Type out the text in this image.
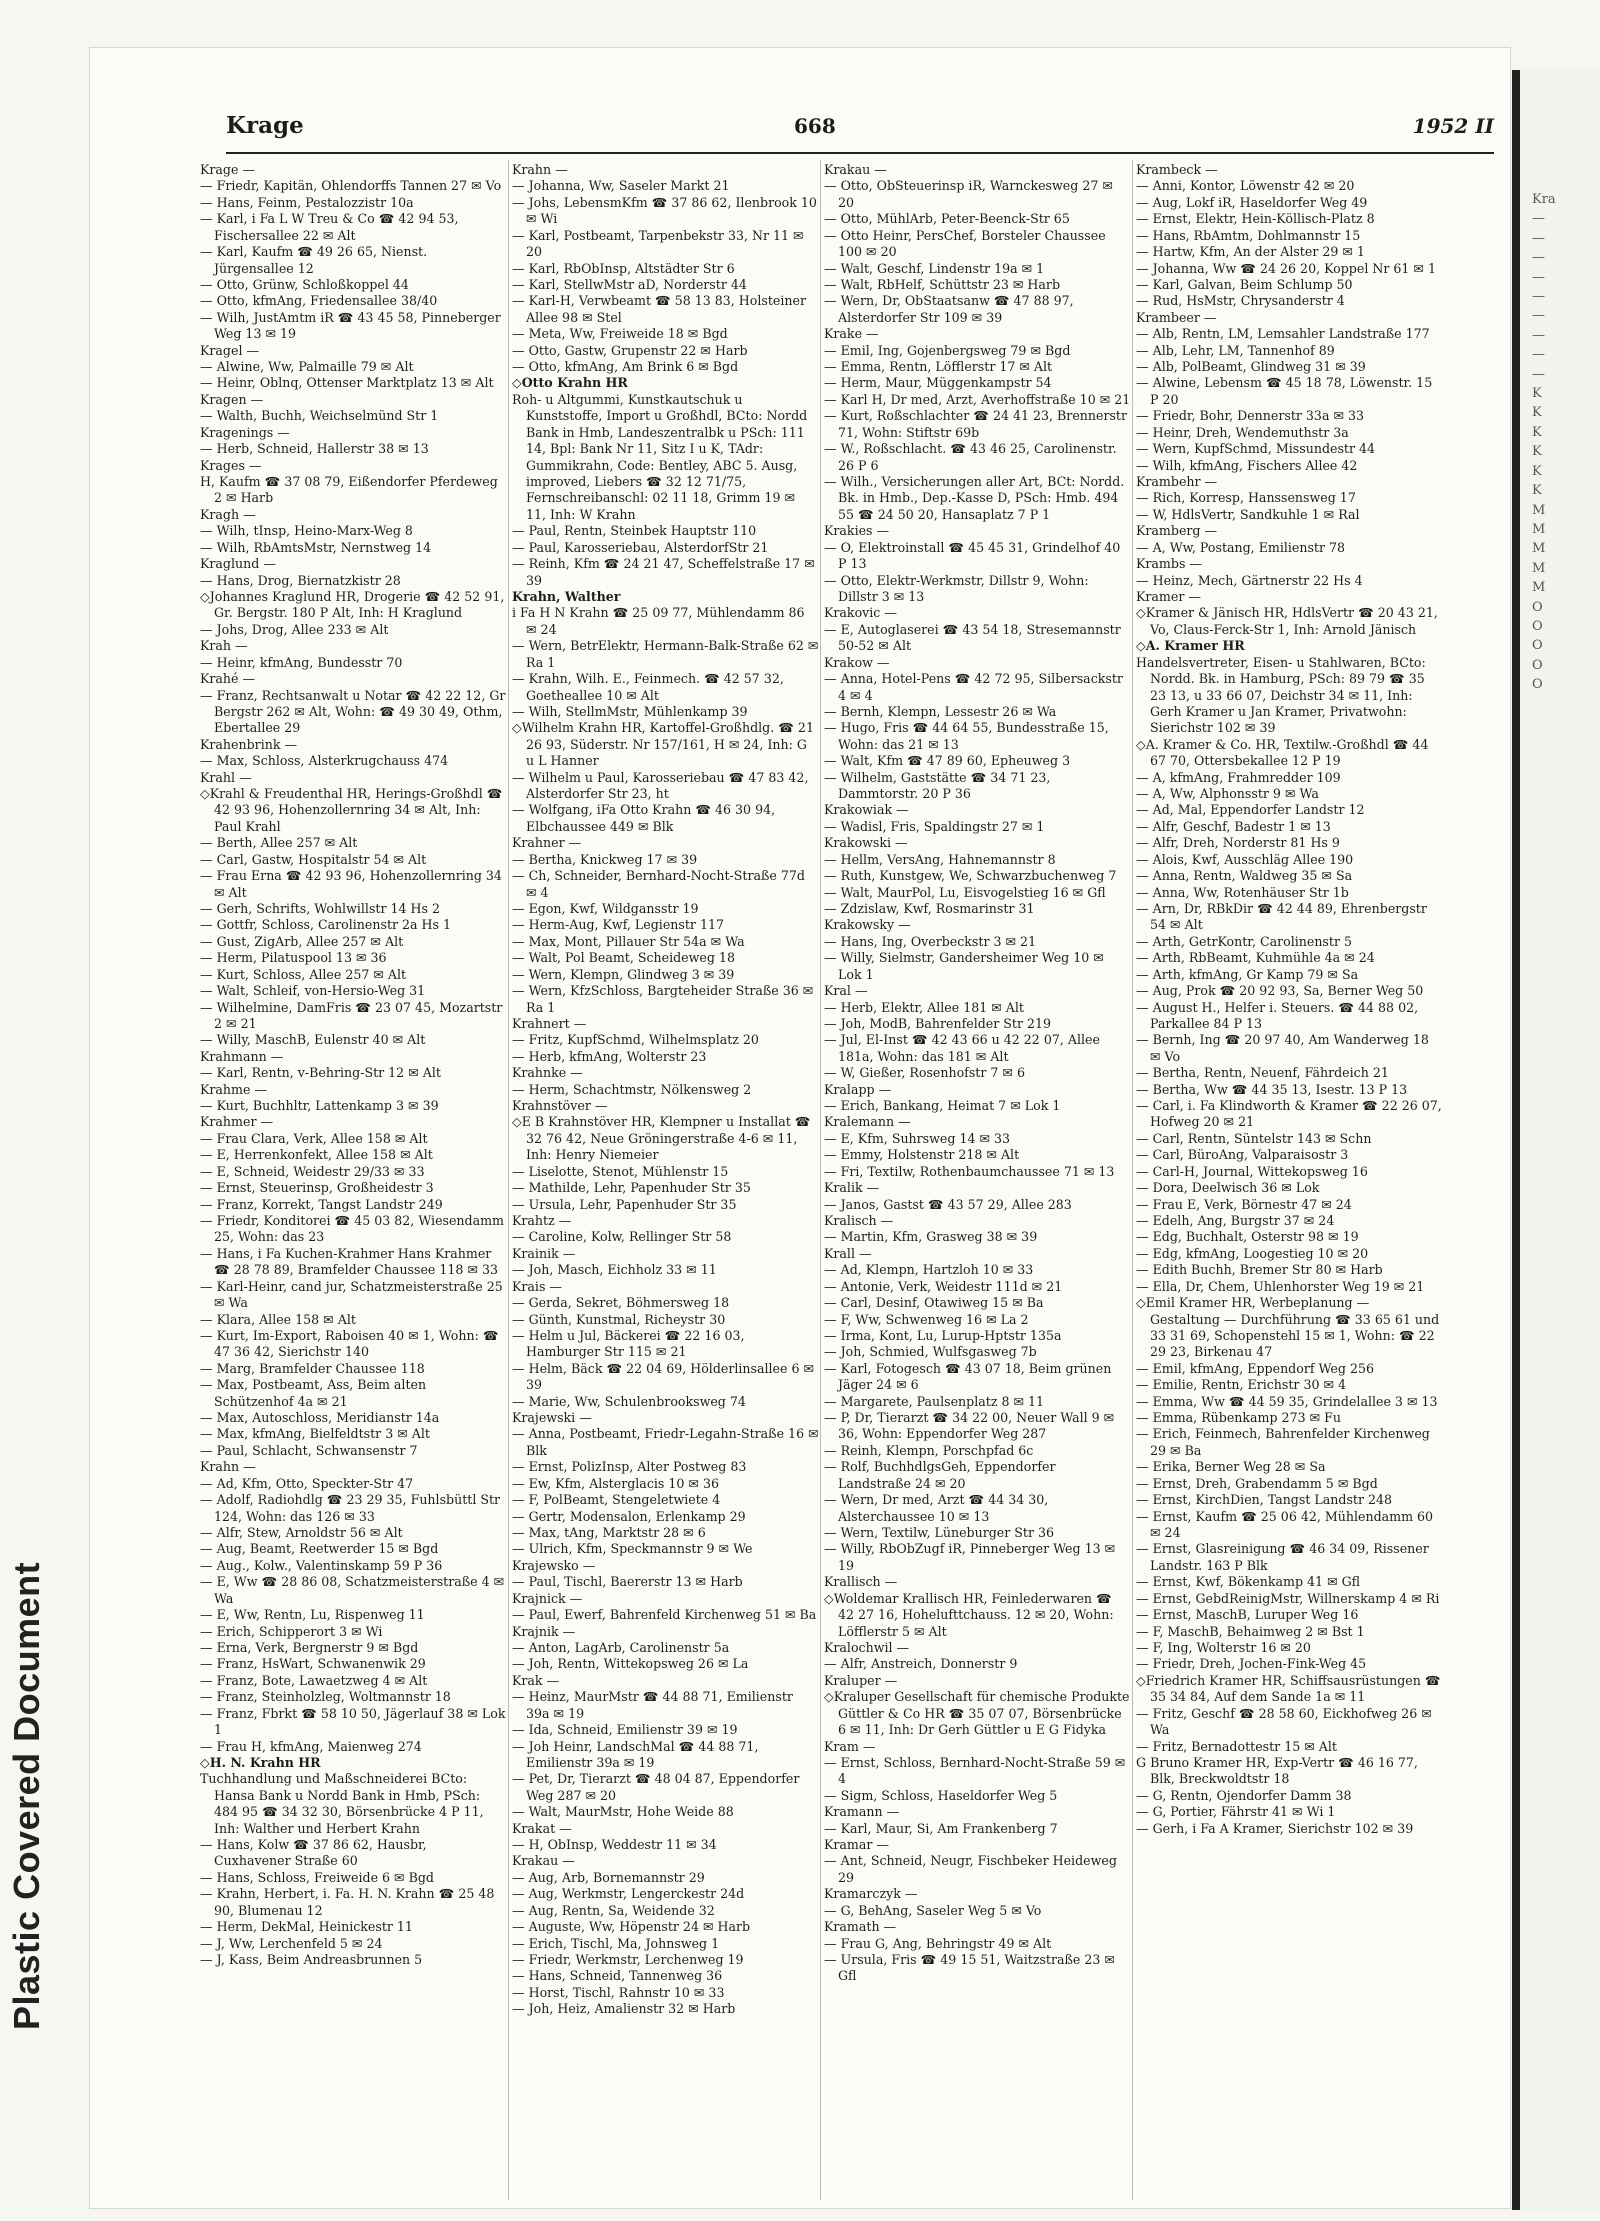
Plastic Covered Document
Kra
—
—
—
—
—
—
—
—
—
K
K
K
K
K
K
M
M
M
M
M
O
O
O
O
O
Krage	668	1952 II

Krage —

— Friedr, Kapitän, Ohlendorffs Tannen 27 ✉ Vo

— Hans, Feinm, Pestalozzistr 10a

— Karl, i Fa L W Treu & Co ☎ 42 94 53, Fischersallee 22 ✉ Alt

— Karl, Kaufm ☎ 49 26 65, Nienst. Jürgensallee 12

— Otto, Grünw, Schloßkoppel 44

— Otto, kfmAng, Friedensallee 38/40

— Wilh, JustAmtm iR ☎ 43 45 58, Pinneberger Weg 13 ✉ 19

Kragel —

— Alwine, Ww, Palmaille 79 ✉ Alt

— Heinr, Oblnq, Ottenser Marktplatz 13 ✉ Alt

Kragen —

— Walth, Buchh, Weichselmünd Str 1

Kragenings —

— Herb, Schneid, Hallerstr 38 ✉ 13

Krages —

H, Kaufm ☎ 37 08 79, Eißendorfer Pferdeweg 2 ✉ Harb

Kragh —

— Wilh, tInsp, Heino-Marx-Weg 8

— Wilh, RbAmtsMstr, Nernstweg 14

Kraglund —

— Hans, Drog, Biernatzkistr 28

◇ Johannes Kraglund HR, Drogerie ☎ 42 52 91, Gr. Bergstr. 180 P Alt, Inh: H Kraglund

— Johs, Drog, Allee 233 ✉ Alt

Krah —

— Heinr, kfmAng, Bundesstr 70

Krahé —

— Franz, Rechtsanwalt u Notar ☎ 42 22 12, Gr Bergstr 262 ✉ Alt, Wohn: ☎ 49 30 49, Othm, Ebertallee 29

Krahenbrink —

— Max, Schloss, Alsterkrugchauss 474

Krahl —

◇ Krahl & Freudenthal HR, Herings-Großhdl ☎ 42 93 96, Hohenzollernring 34 ✉ Alt, Inh: Paul Krahl

— Berth, Allee 257 ✉ Alt

— Carl, Gastw, Hospitalstr 54 ✉ Alt

— Frau Erna ☎ 42 93 96, Hohenzollernring 34 ✉ Alt

— Gerh, Schrifts, Wohlwillstr 14 Hs 2

— Gottfr, Schloss, Carolinenstr 2a Hs 1

— Gust, ZigArb, Allee 257 ✉ Alt

— Herm, Pilatuspool 13 ✉ 36

— Kurt, Schloss, Allee 257 ✉ Alt

— Walt, Schleif, von-Hersio-Weg 31

— Wilhelmine, DamFris ☎ 23 07 45, Mozartstr 2 ✉ 21

— Willy, MaschB, Eulenstr 40 ✉ Alt

Krahmann —

— Karl, Rentn, v-Behring-Str 12 ✉ Alt

Krahme —

— Kurt, Buchhltr, Lattenkamp 3 ✉ 39

Krahmer —

— Frau Clara, Verk, Allee 158 ✉ Alt

— E, Herrenkonfekt, Allee 158 ✉ Alt

— E, Schneid, Weidestr 29/33 ✉ 33

— Ernst, Steuerinsp, Großheidestr 3

— Franz, Korrekt, Tangst Landstr 249

— Friedr, Konditorei ☎ 45 03 82, Wiesendamm 25, Wohn: das 23

— Hans, i Fa Kuchen-Krahmer Hans Krahmer ☎ 28 78 89, Bramfelder Chaussee 118 ✉ 33

— Karl-Heinr, cand jur, Schatzmeisterstraße 25 ✉ Wa

— Klara, Allee 158 ✉ Alt

— Kurt, Im-Export, Raboisen 40 ✉ 1, Wohn: ☎ 47 36 42, Sierichstr 140

— Marg, Bramfelder Chaussee 118

— Max, Postbeamt, Ass, Beim alten Schützenhof 4a ✉ 21

— Max, Autoschloss, Meridianstr 14a

— Max, kfmAng, Bielfeldtstr 3 ✉ Alt

— Paul, Schlacht, Schwansenstr 7

Krahn —

— Ad, Kfm, Otto, Speckter-Str 47

— Adolf, Radiohdlg ☎ 23 29 35, Fuhlsbüttl Str 124, Wohn: das 126 ✉ 33

— Alfr, Stew, Arnoldstr 56 ✉ Alt

— Aug, Beamt, Reetwerder 15 ✉ Bgd

— Aug., Kolw., Valentinskamp 59 P 36

— E, Ww ☎ 28 86 08, Schatzmeisterstraße 4 ✉ Wa

— E, Ww, Rentn, Lu, Rispenweg 11

— Erich, Schipperort 3 ✉ Wi

— Erna, Verk, Bergnerstr 9 ✉ Bgd

— Franz, HsWart, Schwanenwik 29

— Franz, Bote, Lawaetzweg 4 ✉ Alt

— Franz, Steinholzleg, Woltmannstr 18

— Franz, Fbrkt ☎ 58 10 50, Jägerlauf 38 ✉ Lok 1

— Frau H, kfmAng, Maienweg 274

◇ H. N. Krahn HR

Tuchhandlung und Maßschneiderei BCto: Hansa Bank u Nordd Bank in Hmb, PSch: 484 95 ☎ 34 32 30, Börsenbrücke 4 P 11, Inh: Walther und Herbert Krahn

— Hans, Kolw ☎ 37 86 62, Hausbr, Cuxhavener Straße 60

— Hans, Schloss, Freiweide 6 ✉ Bgd

— Krahn, Herbert, i. Fa. H. N. Krahn ☎ 25 48 90, Blumenau 12

— Herm, DekMal, Heinickestr 11

— J, Ww, Lerchenfeld 5 ✉ 24

— J, Kass, Beim Andreasbrunnen 5

Krahn —

— Johanna, Ww, Saseler Markt 21

— Johs, LebensmKfm ☎ 37 86 62, Ilenbrook 10 ✉ Wi

— Karl, Postbeamt, Tarpenbekstr 33, Nr 11 ✉ 20

— Karl, RbObInsp, Altstädter Str 6

— Karl, StellwMstr aD, Norderstr 44

— Karl-H, Verwbeamt ☎ 58 13 83, Holsteiner Allee 98 ✉ Stel

— Meta, Ww, Freiweide 18 ✉ Bgd

— Otto, Gastw, Grupenstr 22 ✉ Harb

— Otto, kfmAng, Am Brink 6 ✉ Bgd

◇ Otto Krahn HR

Roh- u Altgummi, Kunstkautschuk u Kunststoffe, Import u Großhdl, BCto: Nordd Bank in Hmb, Landeszentralbk u PSch: 111 14, Bpl: Bank Nr 11, Sitz I u K, TAdr: Gummikrahn, Code: Bentley, ABC 5. Ausg, improved, Liebers ☎ 32 12 71/75, Fernschreibanschl: 02 11 18, Grimm 19 ✉ 11, Inh: W Krahn

— Paul, Rentn, Steinbek Hauptstr 110

— Paul, Karosseriebau, AlsterdorfStr 21

— Reinh, Kfm ☎ 24 21 47, Scheffelstraße 17 ✉ 39

Krahn, Walther

i Fa H N Krahn ☎ 25 09 77, Mühlendamm 86 ✉ 24

— Wern, BetrElektr, Hermann-Balk-Straße 62 ✉ Ra 1

— Krahn, Wilh. E., Feinmech. ☎ 42 57 32, Goetheallee 10 ✉ Alt

— Wilh, StellmMstr, Mühlenkamp 39

◇ Wilhelm Krahn HR, Kartoffel-Großhdlg. ☎ 21 26 93, Süderstr. Nr 157/161, H ✉ 24, Inh: G u L Hanner

— Wilhelm u Paul, Karosseriebau ☎ 47 83 42, Alsterdorfer Str 23, ht

— Wolfgang, iFa Otto Krahn ☎ 46 30 94, Elbchaussee 449 ✉ Blk

Krahner —

— Bertha, Knickweg 17 ✉ 39

— Ch, Schneider, Bernhard-Nocht-Straße 77d ✉ 4

— Egon, Kwf, Wildgansstr 19

— Herm-Aug, Kwf, Legienstr 117

— Max, Mont, Pillauer Str 54a ✉ Wa

— Walt, Pol Beamt, Scheideweg 18

— Wern, Klempn, Glindweg 3 ✉ 39

— Wern, KfzSchloss, Bargteheider Straße 36 ✉ Ra 1

Krahnert —

— Fritz, KupfSchmd, Wilhelmsplatz 20

— Herb, kfmAng, Wolterstr 23

Krahnke —

— Herm, Schachtmstr, Nölkensweg 2

Krahnstöver —

◇ E B Krahnstöver HR, Klempner u Installat ☎ 32 76 42, Neue Gröningerstraße 4-6 ✉ 11, Inh: Henry Niemeier

— Liselotte, Stenot, Mühlenstr 15

— Mathilde, Lehr, Papenhuder Str 35

— Ursula, Lehr, Papenhuder Str 35

Krahtz —

— Caroline, Kolw, Rellinger Str 58

Krainik —

— Joh, Masch, Eichholz 33 ✉ 11

Krais —

— Gerda, Sekret, Böhmersweg 18

— Günth, Kunstmal, Richeystr 30

— Helm u Jul, Bäckerei ☎ 22 16 03, Hamburger Str 115 ✉ 21

— Helm, Bäck ☎ 22 04 69, Hölderlinsallee 6 ✉ 39

— Marie, Ww, Schulenbrooksweg 74

Krajewski —

— Anna, Postbeamt, Friedr-Legahn-Straße 16 ✉ Blk

— Ernst, PolizInsp, Alter Postweg 83

— Ew, Kfm, Alsterglacis 10 ✉ 36

— F, PolBeamt, Stengeletwiete 4

— Gertr, Modensalon, Erlenkamp 29

— Max, tAng, Marktstr 28 ✉ 6

— Ulrich, Kfm, Speckmannstr 9 ✉ We

Krajewsko —

— Paul, Tischl, Baererstr 13 ✉ Harb

Krajnick —

— Paul, Ewerf, Bahrenfeld Kirchenweg 51 ✉ Ba

Krajnik —

— Anton, LagArb, Carolinenstr 5a

— Joh, Rentn, Wittekopsweg 26 ✉ La

Krak —

— Heinz, MaurMstr ☎ 44 88 71, Emilienstr 39a ✉ 19

— Ida, Schneid, Emilienstr 39 ✉ 19

— Joh Heinr, LandschMal ☎ 44 88 71, Emilienstr 39a ✉ 19

— Pet, Dr, Tierarzt ☎ 48 04 87, Eppendorfer Weg 287 ✉ 20

— Walt, MaurMstr, Hohe Weide 88

Krakat —

— H, ObInsp, Weddestr 11 ✉ 34

Krakau —

— Aug, Arb, Bornemannstr 29

— Aug, Werkmstr, Lengerckestr 24d

— Aug, Rentn, Sa, Weidende 32

— Auguste, Ww, Höpenstr 24 ✉ Harb

— Erich, Tischl, Ma, Johnsweg 1

— Friedr, Werkmstr, Lerchenweg 19

— Hans, Schneid, Tannenweg 36

— Horst, Tischl, Rahnstr 10 ✉ 33

— Joh, Heiz, Amalienstr 32 ✉ Harb

Krakau —

— Otto, ObSteuerinsp iR, Warnckesweg 27 ✉ 20

— Otto, MühlArb, Peter-Beenck-Str 65

— Otto Heinr, PersChef, Borsteler Chaussee 100 ✉ 20

— Walt, Geschf, Lindenstr 19a ✉ 1

— Walt, RbHelf, Schüttstr 23 ✉ Harb

— Wern, Dr, ObStaatsanw ☎ 47 88 97, Alsterdorfer Str 109 ✉ 39

Krake —

— Emil, Ing, Gojenbergsweg 79 ✉ Bgd

— Emma, Rentn, Löfflerstr 17 ✉ Alt

— Herm, Maur, Müggenkampstr 54

— Karl H, Dr med, Arzt, Averhoffstraße 10 ✉ 21

— Kurt, Roßschlachter ☎ 24 41 23, Brennerstr 71, Wohn: Stiftstr 69b

— W., Roßschlacht. ☎ 43 46 25, Carolinenstr. 26 P 6

— Wilh., Versicherungen aller Art, BCt: Nordd. Bk. in Hmb., Dep.-Kasse D, PSch: Hmb. 494 55 ☎ 24 50 20, Hansaplatz 7 P 1

Krakies —

— O, Elektroinstall ☎ 45 45 31, Grindelhof 40 P 13

— Otto, Elektr-Werkmstr, Dillstr 9, Wohn: Dillstr 3 ✉ 13

Krakovic —

— E, Autoglaserei ☎ 43 54 18, Stresemannstr 50-52 ✉ Alt

Krakow —

— Anna, Hotel-Pens ☎ 42 72 95, Silbersackstr 4 ✉ 4

— Bernh, Klempn, Lessestr 26 ✉ Wa

— Hugo, Fris ☎ 44 64 55, Bundesstraße 15, Wohn: das 21 ✉ 13

— Walt, Kfm ☎ 47 89 60, Epheuweg 3

— Wilhelm, Gaststätte ☎ 34 71 23, Dammtorstr. 20 P 36

Krakowiak —

— Wadisl, Fris, Spaldingstr 27 ✉ 1

Krakowski —

— Hellm, VersAng, Hahnemannstr 8

— Ruth, Kunstgew, We, Schwarzbuchenweg 7

— Walt, MaurPol, Lu, Eisvogelstieg 16 ✉ Gfl

— Zdzislaw, Kwf, Rosmarinstr 31

Krakowsky —

— Hans, Ing, Overbeckstr 3 ✉ 21

— Willy, Sielmstr, Gandersheimer Weg 10 ✉ Lok 1

Kral —

— Herb, Elektr, Allee 181 ✉ Alt

— Joh, ModB, Bahrenfelder Str 219

— Jul, El-Inst ☎ 42 43 66 u 42 22 07, Allee 181a, Wohn: das 181 ✉ Alt

— W, Gießer, Rosenhofstr 7 ✉ 6

Kralapp —

— Erich, Bankang, Heimat 7 ✉ Lok 1

Kralemann —

— E, Kfm, Suhrsweg 14 ✉ 33

— Emmy, Holstenstr 218 ✉ Alt

— Fri, Textilw, Rothenbaumchaussee 71 ✉ 13

Kralik —

— Janos, Gastst ☎ 43 57 29, Allee 283

Kralisch —

— Martin, Kfm, Grasweg 38 ✉ 39

Krall —

— Ad, Klempn, Hartzloh 10 ✉ 33

— Antonie, Verk, Weidestr 111d ✉ 21

— Carl, Desinf, Otawiweg 15 ✉ Ba

— F, Ww, Schwenweg 16 ✉ La 2

— Irma, Kont, Lu, Lurup-Hptstr 135a

— Joh, Schmied, Wulfsgasweg 7b

— Karl, Fotogesch ☎ 43 07 18, Beim grünen Jäger 24 ✉ 6

— Margarete, Paulsenplatz 8 ✉ 11

— P, Dr, Tierarzt ☎ 34 22 00, Neuer Wall 9 ✉ 36, Wohn: Eppendorfer Weg 287

— Reinh, Klempn, Porschpfad 6c

— Rolf, BuchhdlgsGeh, Eppendorfer Landstraße 24 ✉ 20

— Wern, Dr med, Arzt ☎ 44 34 30, Alsterchaussee 10 ✉ 13

— Wern, Textilw, Lüneburger Str 36

— Willy, RbObZugf iR, Pinneberger Weg 13 ✉ 19

Krallisch —

◇ Woldemar Krallisch HR, Feinlederwaren ☎ 42 27 16, Hohelufttchauss. 12 ✉ 20, Wohn: Löfflerstr 5 ✉ Alt

Kralochwil —

— Alfr, Anstreich, Donnerstr 9

Kraluper —

◇ Kraluper Gesellschaft für chemische Produkte Güttler & Co HR ☎ 35 07 07, Börsenbrücke 6 ✉ 11, Inh: Dr Gerh Güttler u E G Fidyka

Kram —

— Ernst, Schloss, Bernhard-Nocht-Straße 59 ✉ 4

— Sigm, Schloss, Haseldorfer Weg 5

Kramann —

— Karl, Maur, Si, Am Frankenberg 7

Kramar —

— Ant, Schneid, Neugr, Fischbeker Heideweg 29

Kramarczyk —

— G, BehAng, Saseler Weg 5 ✉ Vo

Kramath —

— Frau G, Ang, Behringstr 49 ✉ Alt

— Ursula, Fris ☎ 49 15 51, Waitzstraße 23 ✉ Gfl

Krambeck —

— Anni, Kontor, Löwenstr 42 ✉ 20

— Aug, Lokf iR, Haseldorfer Weg 49

— Ernst, Elektr, Hein-Köllisch-Platz 8

— Hans, RbAmtm, Dohlmannstr 15

— Hartw, Kfm, An der Alster 29 ✉ 1

— Johanna, Ww ☎ 24 26 20, Koppel Nr 61 ✉ 1

— Karl, Galvan, Beim Schlump 50

— Rud, HsMstr, Chrysanderstr 4

Krambeer —

— Alb, Rentn, LM, Lemsahler Landstraße 177

— Alb, Lehr, LM, Tannenhof 89

— Alb, PolBeamt, Glindweg 31 ✉ 39

— Alwine, Lebensm ☎ 45 18 78, Löwenstr. 15 P 20

— Friedr, Bohr, Dennerstr 33a ✉ 33

— Heinr, Dreh, Wendemuthstr 3a

— Wern, KupfSchmd, Missundestr 44

— Wilh, kfmAng, Fischers Allee 42

Krambehr —

— Rich, Korresp, Hanssensweg 17

— W, HdlsVertr, Sandkuhle 1 ✉ Ral

Kramberg —

— A, Ww, Postang, Emilienstr 78

Krambs —

— Heinz, Mech, Gärtnerstr 22 Hs 4

Kramer —

◇ Kramer & Jänisch HR, HdlsVertr ☎ 20 43 21, Vo, Claus-Ferck-Str 1, Inh: Arnold Jänisch

◇ A. Kramer HR

Handelsvertreter, Eisen- u Stahlwaren, BCto: Nordd. Bk. in Hamburg, PSch: 89 79 ☎ 35 23 13, u 33 66 07, Deichstr 34 ✉ 11, Inh: Gerh Kramer u Jan Kramer, Privatwohn: Sierichstr 102 ✉ 39

◇ A. Kramer & Co. HR, Textilw.-Großhdl ☎ 44 67 70, Ottersbekallee 12 P 19

— A, kfmAng, Frahmredder 109

— A, Ww, Alphonsstr 9 ✉ Wa

— Ad, Mal, Eppendorfer Landstr 12

— Alfr, Geschf, Badestr 1 ✉ 13

— Alfr, Dreh, Norderstr 81 Hs 9

— Alois, Kwf, Ausschläg Allee 190

— Anna, Rentn, Waldweg 35 ✉ Sa

— Anna, Ww, Rotenhäuser Str 1b

— Arn, Dr, RBkDir ☎ 42 44 89, Ehrenbergstr 54 ✉ Alt

— Arth, GetrKontr, Carolinenstr 5

— Arth, RbBeamt, Kuhmühle 4a ✉ 24

— Arth, kfmAng, Gr Kamp 79 ✉ Sa

— Aug, Prok ☎ 20 92 93, Sa, Berner Weg 50

— August H., Helfer i. Steuers. ☎ 44 88 02, Parkallee 84 P 13

— Bernh, Ing ☎ 20 97 40, Am Wanderweg 18 ✉ Vo

— Bertha, Rentn, Neuenf, Fährdeich 21

— Bertha, Ww ☎ 44 35 13, Isestr. 13 P 13

— Carl, i. Fa Klindworth & Kramer ☎ 22 26 07, Hofweg 20 ✉ 21

— Carl, Rentn, Süntelstr 143 ✉ Schn

— Carl, BüroAng, Valparaisostr 3

— Carl-H, Journal, Wittekopsweg 16

— Dora, Deelwisch 36 ✉ Lok

— Frau E, Verk, Börnestr 47 ✉ 24

— Edelh, Ang, Burgstr 37 ✉ 24

— Edg, Buchhalt, Osterstr 98 ✉ 19

— Edg, kfmAng, Loogestieg 10 ✉ 20

— Edith Buchh, Bremer Str 80 ✉ Harb

— Ella, Dr, Chem, Uhlenhorster Weg 19 ✉ 21

◇ Emil Kramer HR, Werbeplanung — Gestaltung — Durchführung ☎ 33 65 61 und 33 31 69, Schopenstehl 15 ✉ 1, Wohn: ☎ 22 29 23, Birkenau 47

— Emil, kfmAng, Eppendorf Weg 256

— Emilie, Rentn, Erichstr 30 ✉ 4

— Emma, Ww ☎ 44 59 35, Grindelallee 3 ✉ 13

— Emma, Rübenkamp 273 ✉ Fu

— Erich, Feinmech, Bahrenfelder Kirchenweg 29 ✉ Ba

— Erika, Berner Weg 28 ✉ Sa

— Ernst, Dreh, Grabendamm 5 ✉ Bgd

— Ernst, KirchDien, Tangst Landstr 248

— Ernst, Kaufm ☎ 25 06 42, Mühlendamm 60 ✉ 24

— Ernst, Glasreinigung ☎ 46 34 09, Rissener Landstr. 163 P Blk

— Ernst, Kwf, Bökenkamp 41 ✉ Gfl

— Ernst, GebdReinigMstr, Willnerskamp 4 ✉ Ri

— Ernst, MaschB, Luruper Weg 16

— F, MaschB, Behaimweg 2 ✉ Bst 1

— F, Ing, Wolterstr 16 ✉ 20

— Friedr, Dreh, Jochen-Fink-Weg 45

◇ Friedrich Kramer HR, Schiffsausrüstungen ☎ 35 34 84, Auf dem Sande 1a ✉ 11

— Fritz, Geschf ☎ 28 58 60, Eickhofweg 26 ✉ Wa

— Fritz, Bernadottestr 15 ✉ Alt

G Bruno Kramer HR, Exp-Vertr ☎ 46 16 77, Blk, Breckwoldtstr 18

— G, Rentn, Ojendorfer Damm 38

— G, Portier, Fährstr 41 ✉ Wi 1

— Gerh, i Fa A Kramer, Sierichstr 102 ✉ 39
